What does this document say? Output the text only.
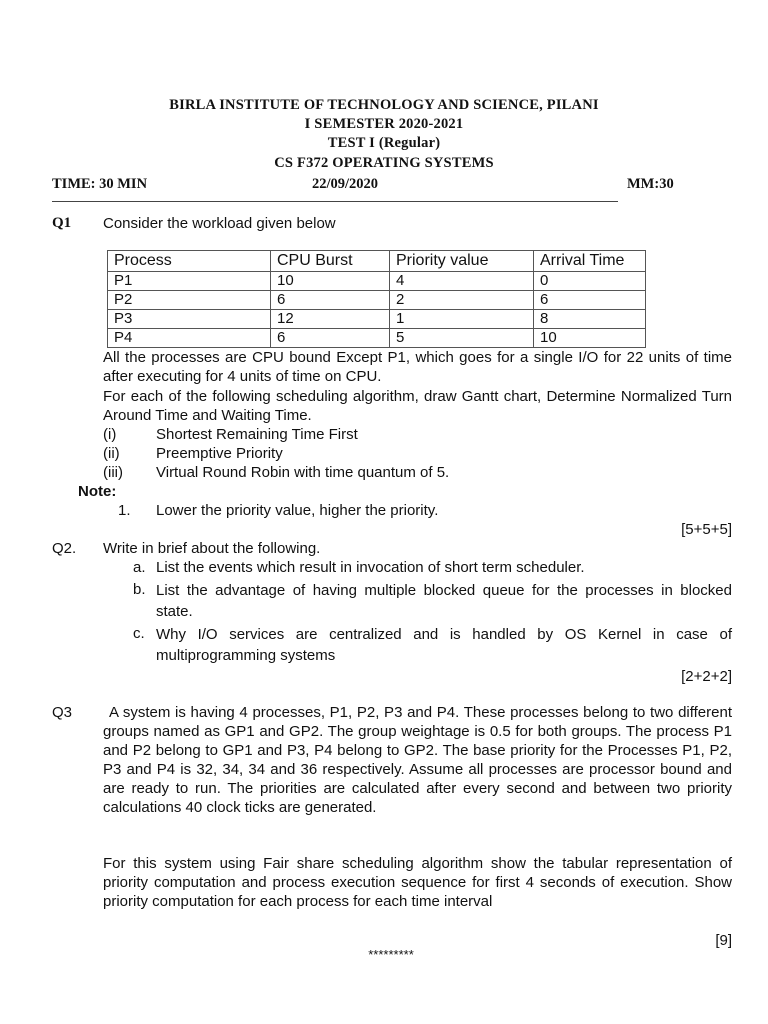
BIRLA INSTITUTE OF TECHNOLOGY AND SCIENCE, PILANI
I SEMESTER 2020-2021
TEST I (Regular)
CS F372 OPERATING SYSTEMS
TIME: 30 MIN	22/09/2020	MM:30
Q1 Consider the workload given below
Process	CPU Burst	Priority value	Arrival Time
P1	10	4	0
P2	6	2	6
P3	12	1	8
P4	6	5	10
All the processes are CPU bound Except P1, which goes for a single I/O for 22 units of time after executing for 4 units of time on CPU.
For each of the following scheduling algorithm, draw Gantt chart, Determine Normalized Turn Around Time and Waiting Time.
(i)	Shortest Remaining Time First
(ii) Preemptive Priority
(iii) Virtual Round Robin with time quantum of 5.
Note:
1. Lower the priority value, higher the priority.
[5+5+5]
Q2. Write in brief about the following.
a. List the events which result in invocation of short term scheduler.
b. List the advantage of having multiple blocked queue for the processes in blocked state.
c. Why I/O services are centralized and is handled by OS Kernel in case of multiprogramming systems
[2+2+2]
Q3	A system is having 4 processes, P1, P2, P3 and P4. These processes belong to two different groups named as GP1 and GP2. The group weightage is 0.5 for both groups. The process P1 and P2 belong to GP1 and P3, P4 belong to GP2. The base priority for the Processes P1, P2, P3 and P4 is 32, 34, 34 and 36 respectively. Assume all processes are processor bound and are ready to run. The priorities are calculated after every second and between two priority calculations 40 clock ticks are generated.
For this system using Fair share scheduling algorithm show the tabular representation of priority computation and process execution sequence for first 4 seconds of execution. Show priority computation for each process for each time interval
[9]
*********
